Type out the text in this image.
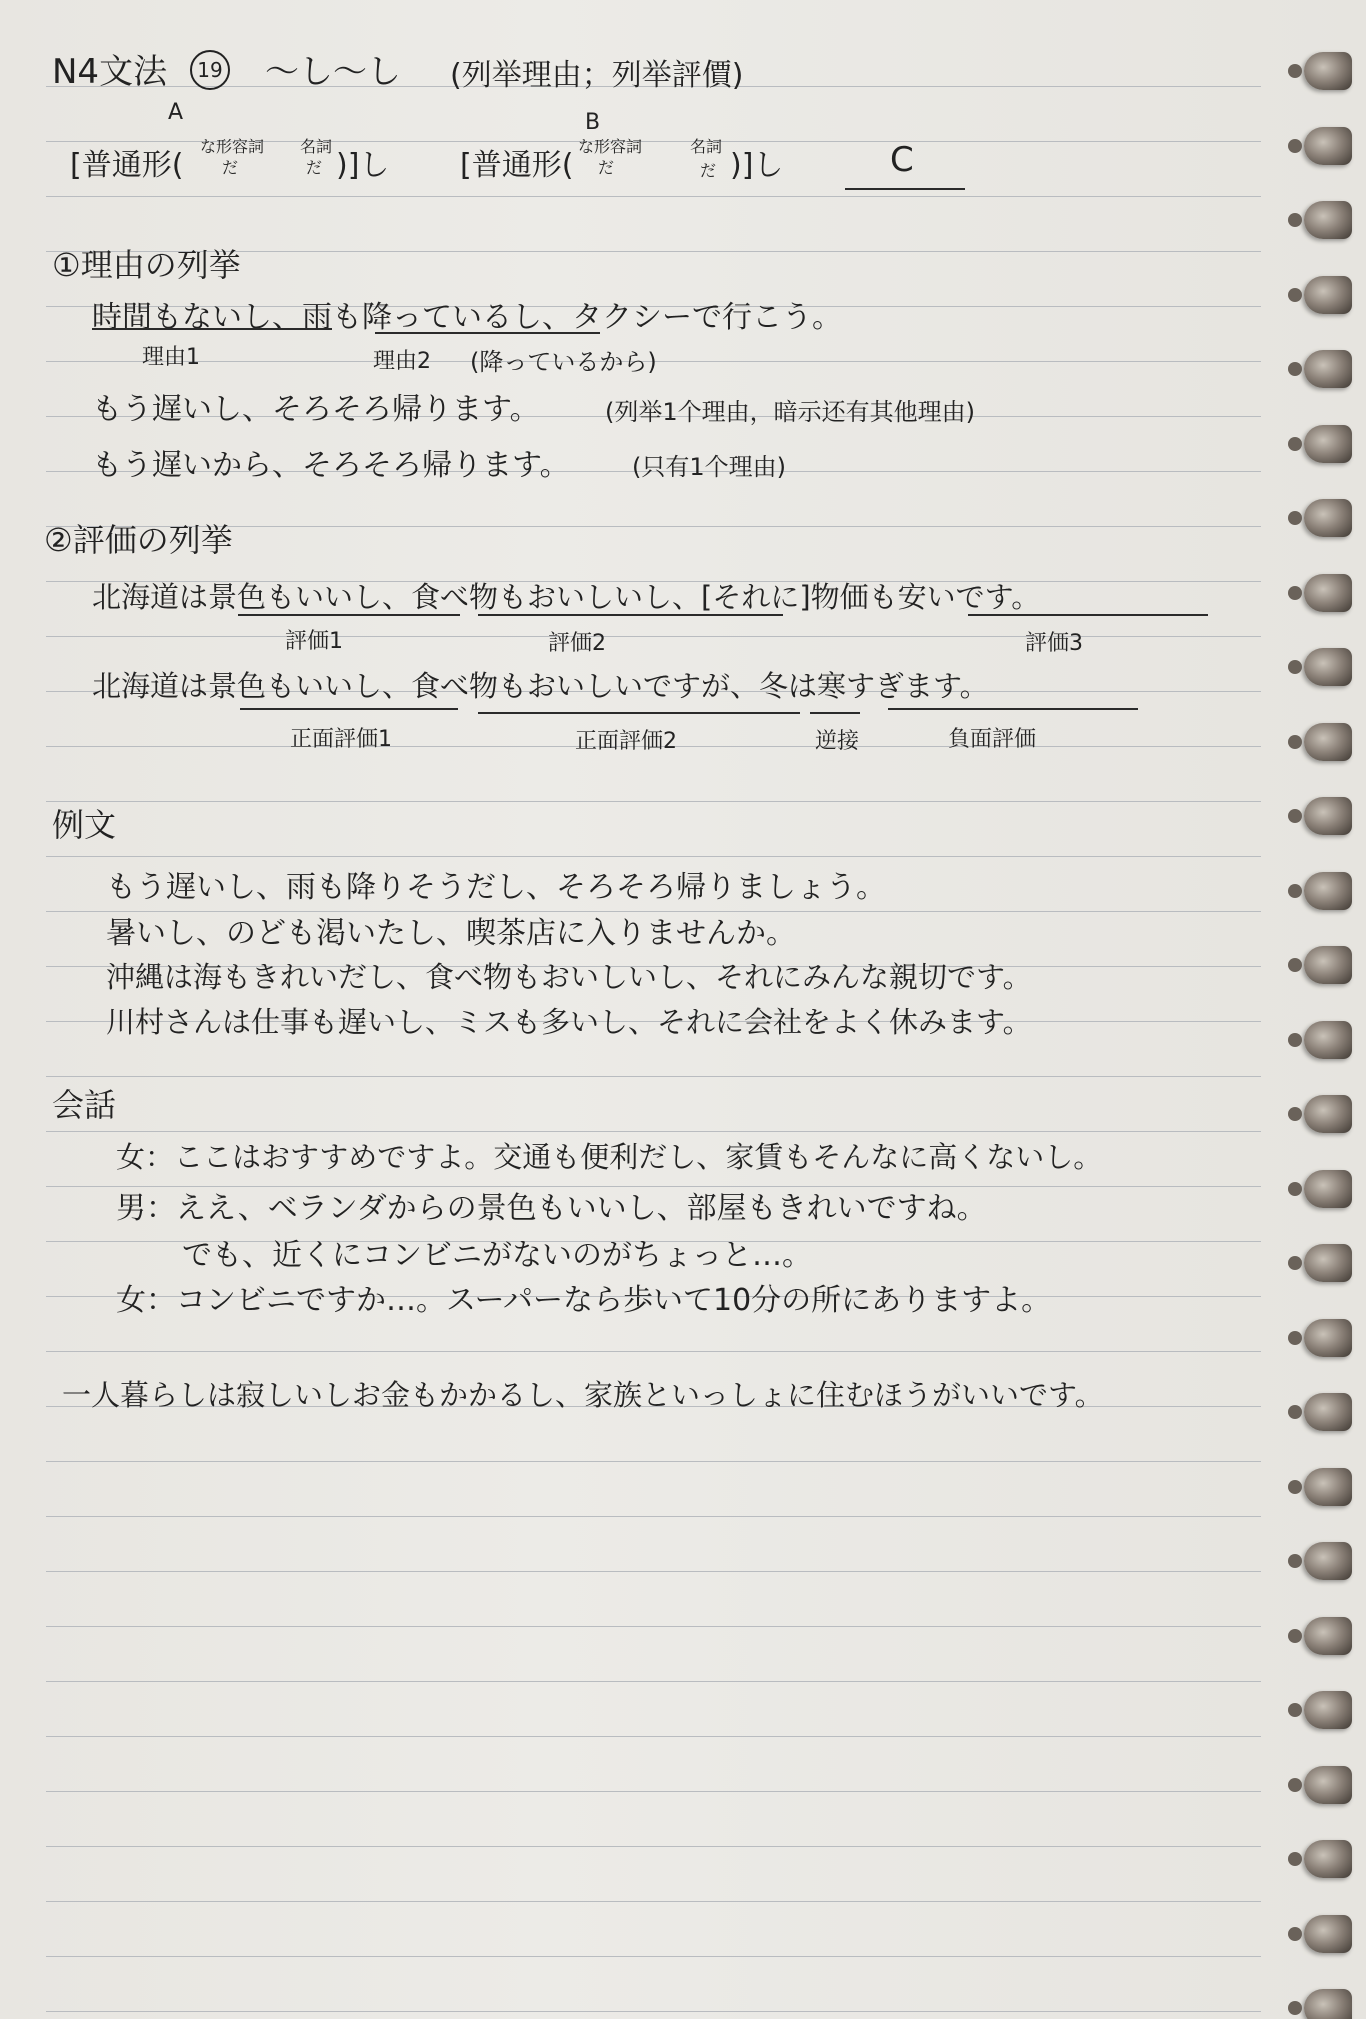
N4文法	19 〜し〜し (列举理由；列举評價)
A	B
[普通形(
な形容詞
だ
名詞
だ )]し [普通形(
な形容詞
だ
名詞
だ )]し	C
①理由の列挙
時間もないし、雨も降っているし、タクシーで行こう。
理由1	理由2 (降っているから)
もう遅いし、そろそろ帰ります。	(列举1个理由，暗示还有其他理由)
もう遅いから、そろそろ帰ります。	(只有1个理由)
②評価の列挙
北海道は景色もいいし、食べ物もおいしいし、[それに]物価も安いです。
評価1	評価2	評価3
北海道は景色もいいし、食べ物もおいしいですが、冬は寒すぎます。
正面評価1	正面評価2	逆接	負面評価
例文
もう遅いし、雨も降りそうだし、そろそろ帰りましょう。
暑いし、のども渇いたし、喫茶店に入りませんか。
沖縄は海もきれいだし、食べ物もおいしいし、それにみんな親切です。
川村さんは仕事も遅いし、ミスも多いし、それに会社をよく休みます。
会話
女：ここはおすすめですよ。交通も便利だし、家賃もそんなに高くないし。
男：ええ、ベランダからの景色もいいし、部屋もきれいですね。
でも、近くにコンビニがないのがちょっと…。
女：コンビニですか…。スーパーなら歩いて10分の所にありますよ。
一人暮らしは寂しいしお金もかかるし、家族といっしょに住むほうがいいです。
